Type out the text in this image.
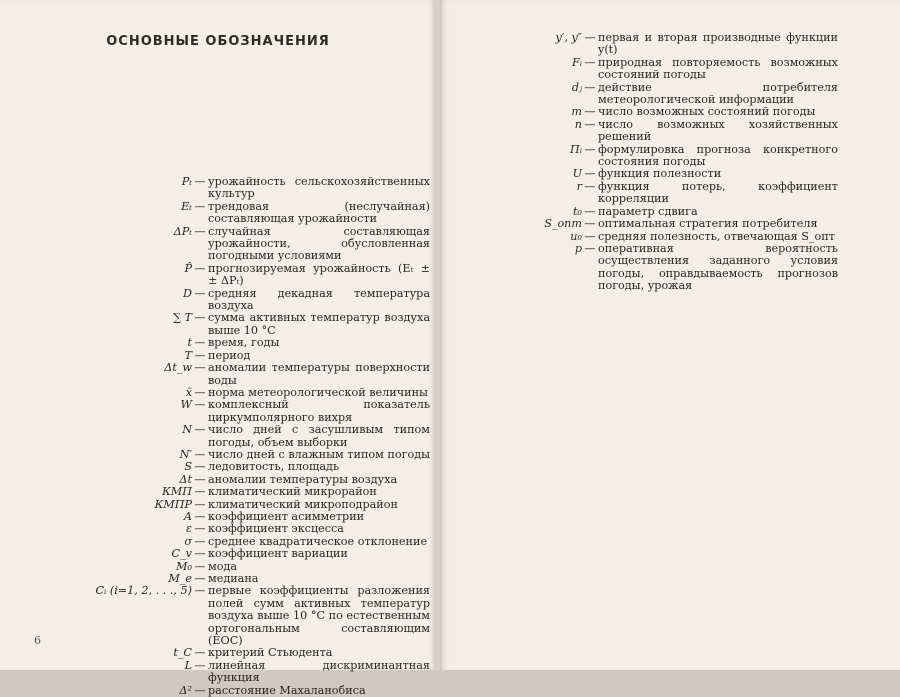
ОСНОВНЫЕ ОБОЗНАЧЕНИЯ
Pₜ — урожайность сельскохозяйственных культур
Eₜ — трендовая (неслучайная) составляющая урожайности
ΔPₜ — случайная составляющая урожайности, обусловленная погодными условиями
P̂ — прогнозируемая урожайность (Eₜ ± ± ΔPₜ)
D — средняя декадная температура воздуха
∑ T — сумма активных температур воздуха выше 10 °С
t — время, годы
T — период
Δt_w — аномалии температуры поверхности воды
x̄ — норма метеорологической величины
W — комплексный показатель циркумполярного вихря
N — число дней с засушливым типом погоды, объем выборки
N′ — число дней с влажным типом погоды
S — ледовитость, площадь
Δt — аномалии температуры воздуха
КМП — климатический микрорайон
КМПР — климатический микроподрайон
A — коэффициент асимметрии
ε — коэффициент эксцесса
σ — среднее квадратическое отклонение
C_v — коэффициент вариации
M₀ — мода
M_e — медиана
Cᵢ (i=1, 2, . . ., 5) — первые коэффициенты разложения полей сумм активных температур воздуха выше 10 °С по естественным ортогональным составляющим (ЕОС)
t_С — критерий Стьюдента
L — линейная дискриминантная функция
Δ² — расстояние Махаланобиса
y′, y″ — первая и вторая производные функции y(t)
Fᵢ — природная повторяемость возможных состояний погоды
dⱼ — действие потребителя метеорологической информации
m — число возможных состояний погоды
n — число возможных хозяйственных решений
Пᵢ — формулировка прогноза конкретного состояния погоды
U — функция полезности
r — функция потерь, коэффициент корреляции
t₀ — параметр сдвига
S_опт — оптимальная стратегия потребителя
u₀ — средняя полезность, отвечающая S_опт
p — оперативная вероятность осуществления заданного условия погоды, оправдываемость прогнозов погоды, урожая
6
